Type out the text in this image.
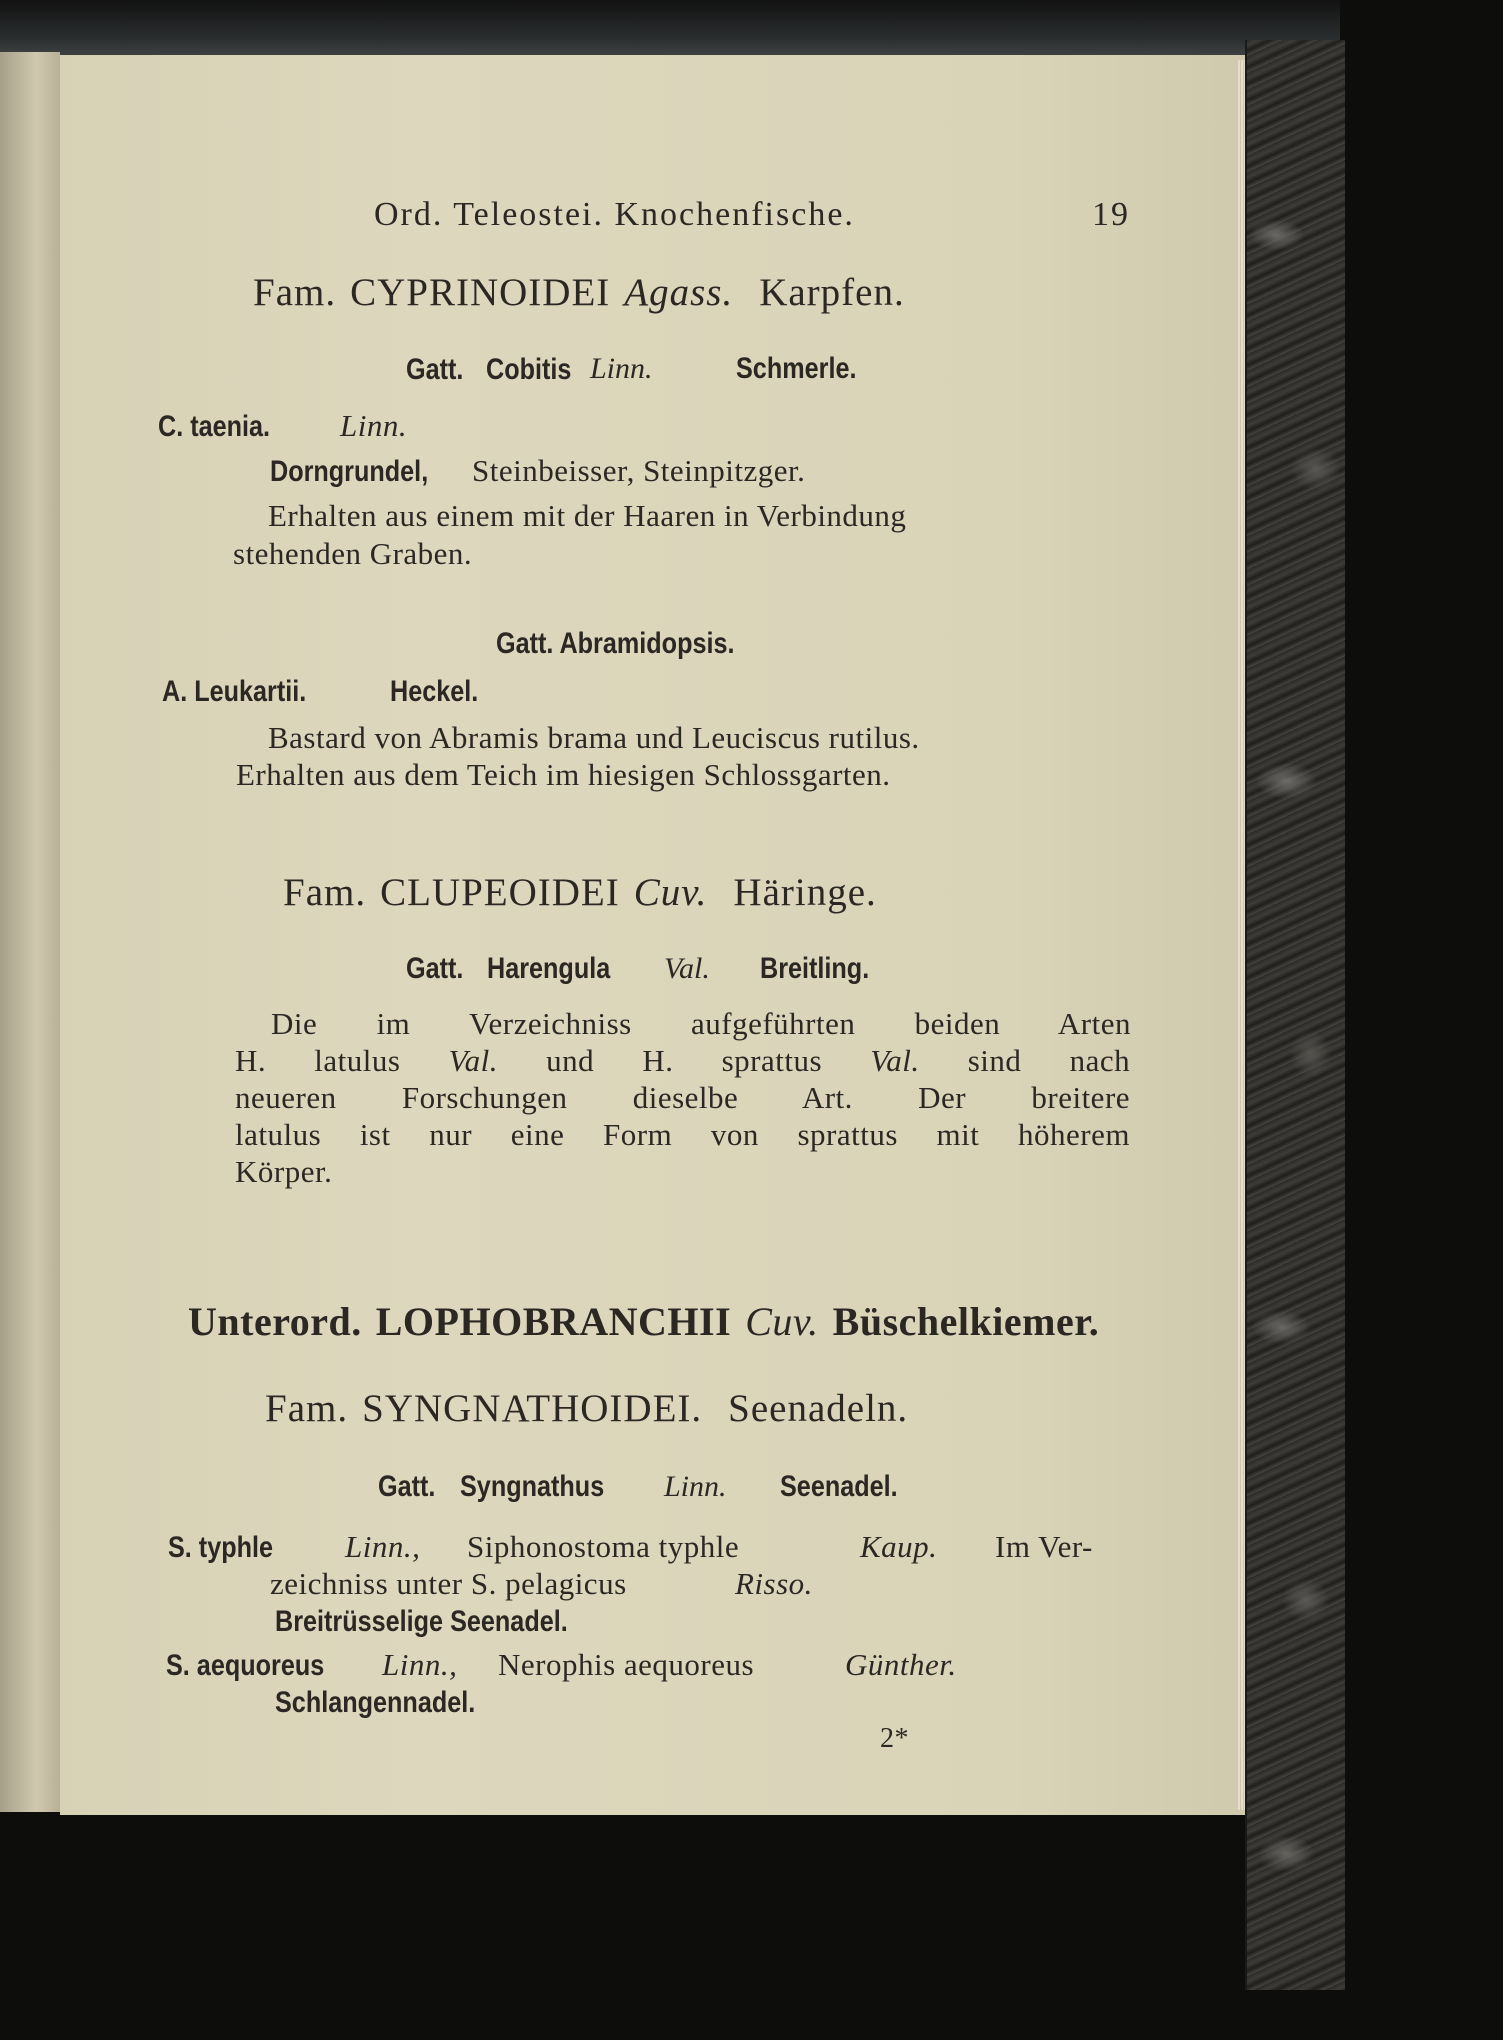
Ord. Teleostei. Knochenfische.	19
Fam. CYPRINOIDEI Agass. Karpfen.
Gatt. Cobitis Linn.	Schmerle.
C. taenia. Linn.
Dorngrundel, Steinbeisser, Steinpitzger.
Erhalten aus einem mit der Haaren in Verbindung
stehenden Graben.
Gatt. Abramidopsis.
A. Leukartii.	Heckel.
Bastard von Abramis brama und Leuciscus rutilus.
Erhalten aus dem Teich im hiesigen Schlossgarten.
Fam. CLUPEOIDEI Cuv. Häringe.
Gatt. Harengula Val. Breitling.
Die im Verzeichniss aufgeführten beiden Arten
H. latulus Val. und H. sprattus Val. sind nach
neueren Forschungen dieselbe Art. Der breitere
latulus ist nur eine Form von sprattus mit höherem
Körper.
Unterord. LOPHOBRANCHII Cuv. Büschelkiemer.
Fam. SYNGNATHOIDEI. Seenadeln.
Gatt. Syngnathus Linn. Seenadel.
S. typhle Linn., Siphonostoma typhle	Kaup. Im Ver-
zeichniss unter S. pelagicus	Risso.
Breitrüsselige Seenadel.
S. aequoreus Linn., Nerophis aequoreus	Günther.
Schlangennadel.
2*
